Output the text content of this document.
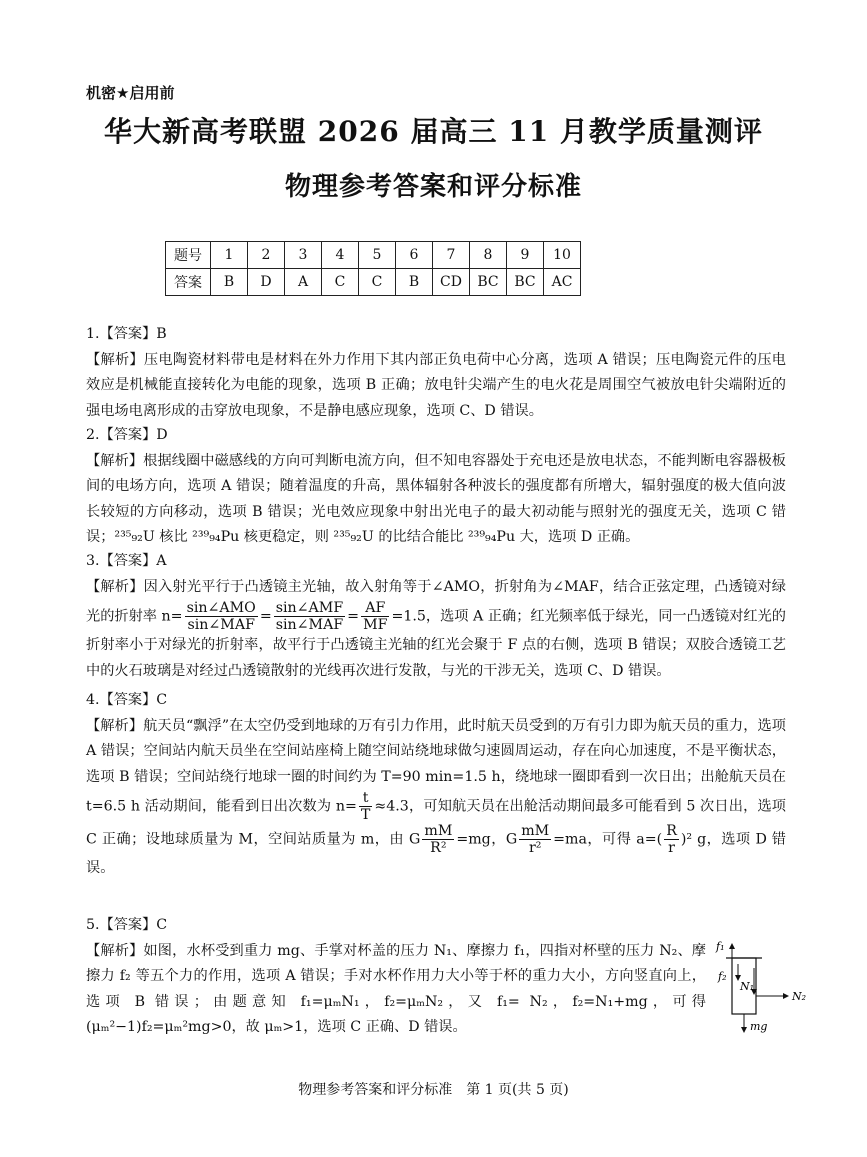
机密★启用前
华大新高考联盟 2026 届高三 11 月教学质量测评
物理参考答案和评分标准
题号	1	2	3	4	5	6	7	8	9	10
答案	B	D	A	C	C	B	CD	BC	BC	AC
1.【答案】B
【解析】压电陶瓷材料带电是材料在外力作用下其内部正负电荷中心分离，选项 A 错误；压电陶瓷元件的压电效应是机械能直接转化为电能的现象，选项 B 正确；放电针尖端产生的电火花是周围空气被放电针尖端附近的强电场电离形成的击穿放电现象，不是静电感应现象，选项 C、D 错误。
2.【答案】D
【解析】根据线圈中磁感线的方向可判断电流方向，但不知电容器处于充电还是放电状态，不能判断电容器极板间的电场方向，选项 A 错误；随着温度的升高，黑体辐射各种波长的强度都有所增大，辐射强度的极大值向波长较短的方向移动，选项 B 错误；光电效应现象中射出光电子的最大初动能与照射光的强度无关，选项 C 错误；²³⁵₉₂U 核比 ²³⁹₉₄Pu 核更稳定，则 ²³⁵₉₂U 的比结合能比 ²³⁹₉₄Pu 大，选项 D 正确。
3.【答案】A
【解析】因入射光平行于凸透镜主光轴，故入射角等于∠AMO，折射角为∠MAF，结合正弦定理，凸透镜对绿光的折射率 $n= \frac{\text{sin∠AMO}}{\text{sin∠MAF}} = \frac{\text{sin∠AMF}}{\text{sin∠MAF}} = \frac{AF}{MF} =1.5$，选项 A 正确；红光频率低于绿光，同一凸透镜对红光的折射率小于对绿光的折射率，故平行于凸透镜主光轴的红光会聚于 F 点的右侧，选项 B 错误；双胶合透镜工艺中的火石玻璃是对经过凸透镜散射的光线再次进行发散，与光的干涉无关，选项 C、D 错误。
4.【答案】C
【解析】航天员“飘浮”在太空仍受到地球的万有引力作用，此时航天员受到的万有引力即为航天员的重力，选项 A 错误；空间站内航天员坐在空间站座椅上随空间站绕地球做匀速圆周运动，存在向心加速度，不是平衡状态，选项 B 错误；空间站绕行地球一圈的时间约为 T=90 min=1.5 h，绕地球一圈即看到一次日出；出舱航天员在 t=6.5 h 活动期间，能看到日出次数为 $n= \frac{t}{T} \approx 4.3$，可知航天员在出舱活动期间最多可能看到 5 次日出，选项 C 正确；设地球质量为 M，空间站质量为 m，由 G $\frac{mM}{\text{R²}} =mg$，G $\frac{mM}{\text{r²}} =ma$，可得 $a=( \frac{R}{r} )^2$ g，选项 D 错误。
5.【答案】C
【解析】如图，水杯受到重力 mg、手掌对杯盖的压力 N₁、摩擦力 f₁，四指对杯壁的压力 N₂、摩擦力 f₂ 等五个力的作用，选项 A 错误；手对水杯作用力大小等于杯的重力大小，方向竖直向上，选项 B 错误；由题意知 f₁=μₘN₁，f₂=μₘN₂，又 f₁= N₂，f₂=N₁+mg，可得(μₘ²−1)f₂=μₘ²mg>0，故 μₘ>1，选项 C 正确、D 错误。
f₁
f₂
N₁
N₂
mg
物理参考答案和评分标准　第 1 页(共 5 页)
